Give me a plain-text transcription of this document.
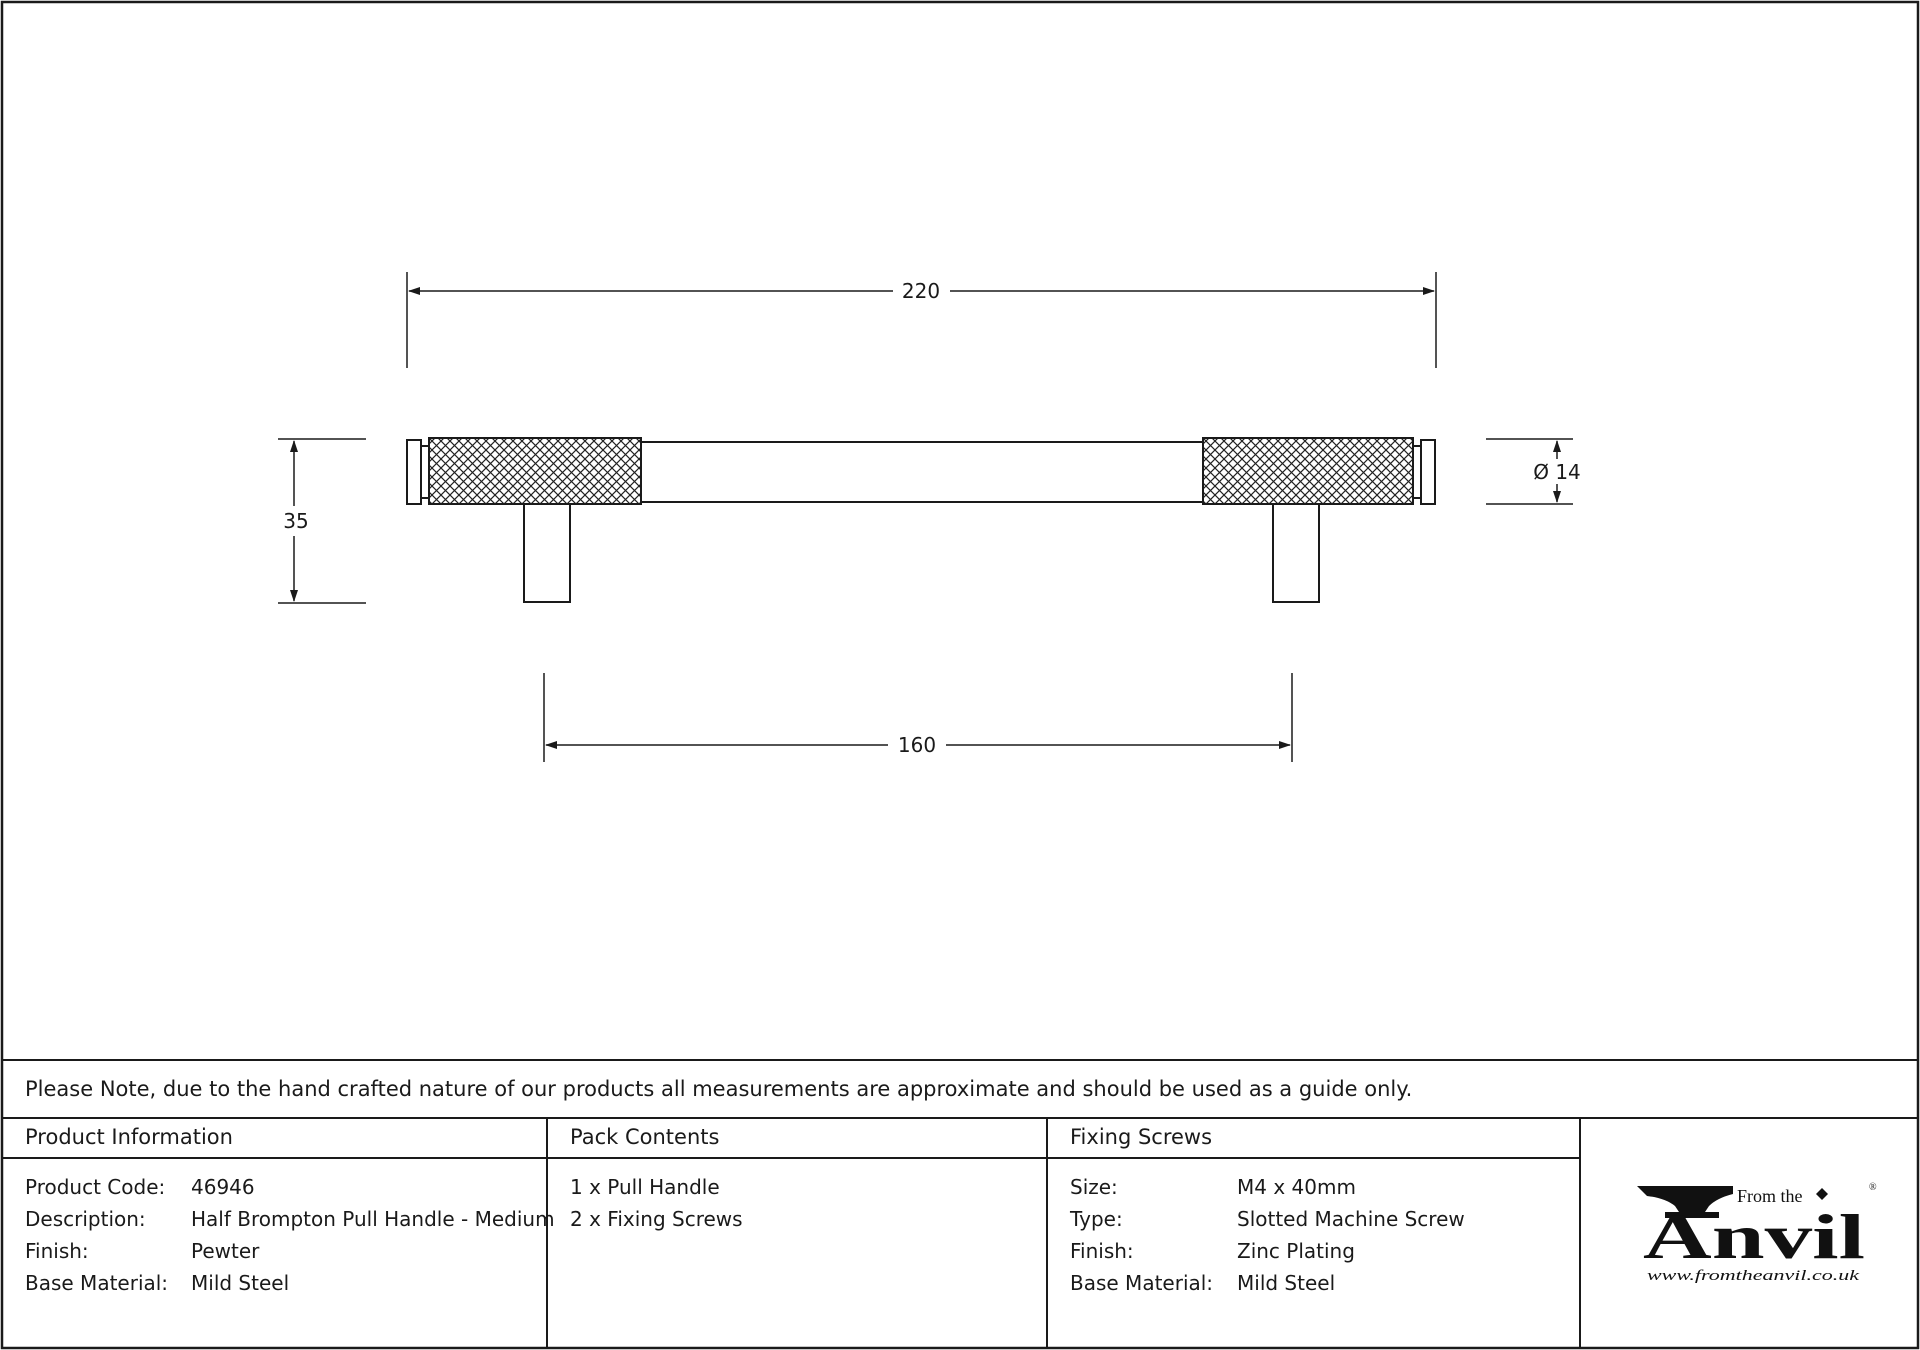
220
160
35
Ø 14
Please Note, due to the hand crafted nature of our products all measurements are approximate and should be used as a guide only.
Product Information	Pack Contents	Fixing Screws
Product Code: 46946
Description: Half Brompton Pull Handle - Medium
Finish:	Pewter
Base Material: Mild Steel
1 x Pull Handle
2 x Fixing Screws
Size:	M4 x 40mm
Type:	Slotted Machine Screw
Finish:	Zinc Plating
Base Material: Mild Steel
From the	®
Anvil
www.fromtheanvil.co.uk
